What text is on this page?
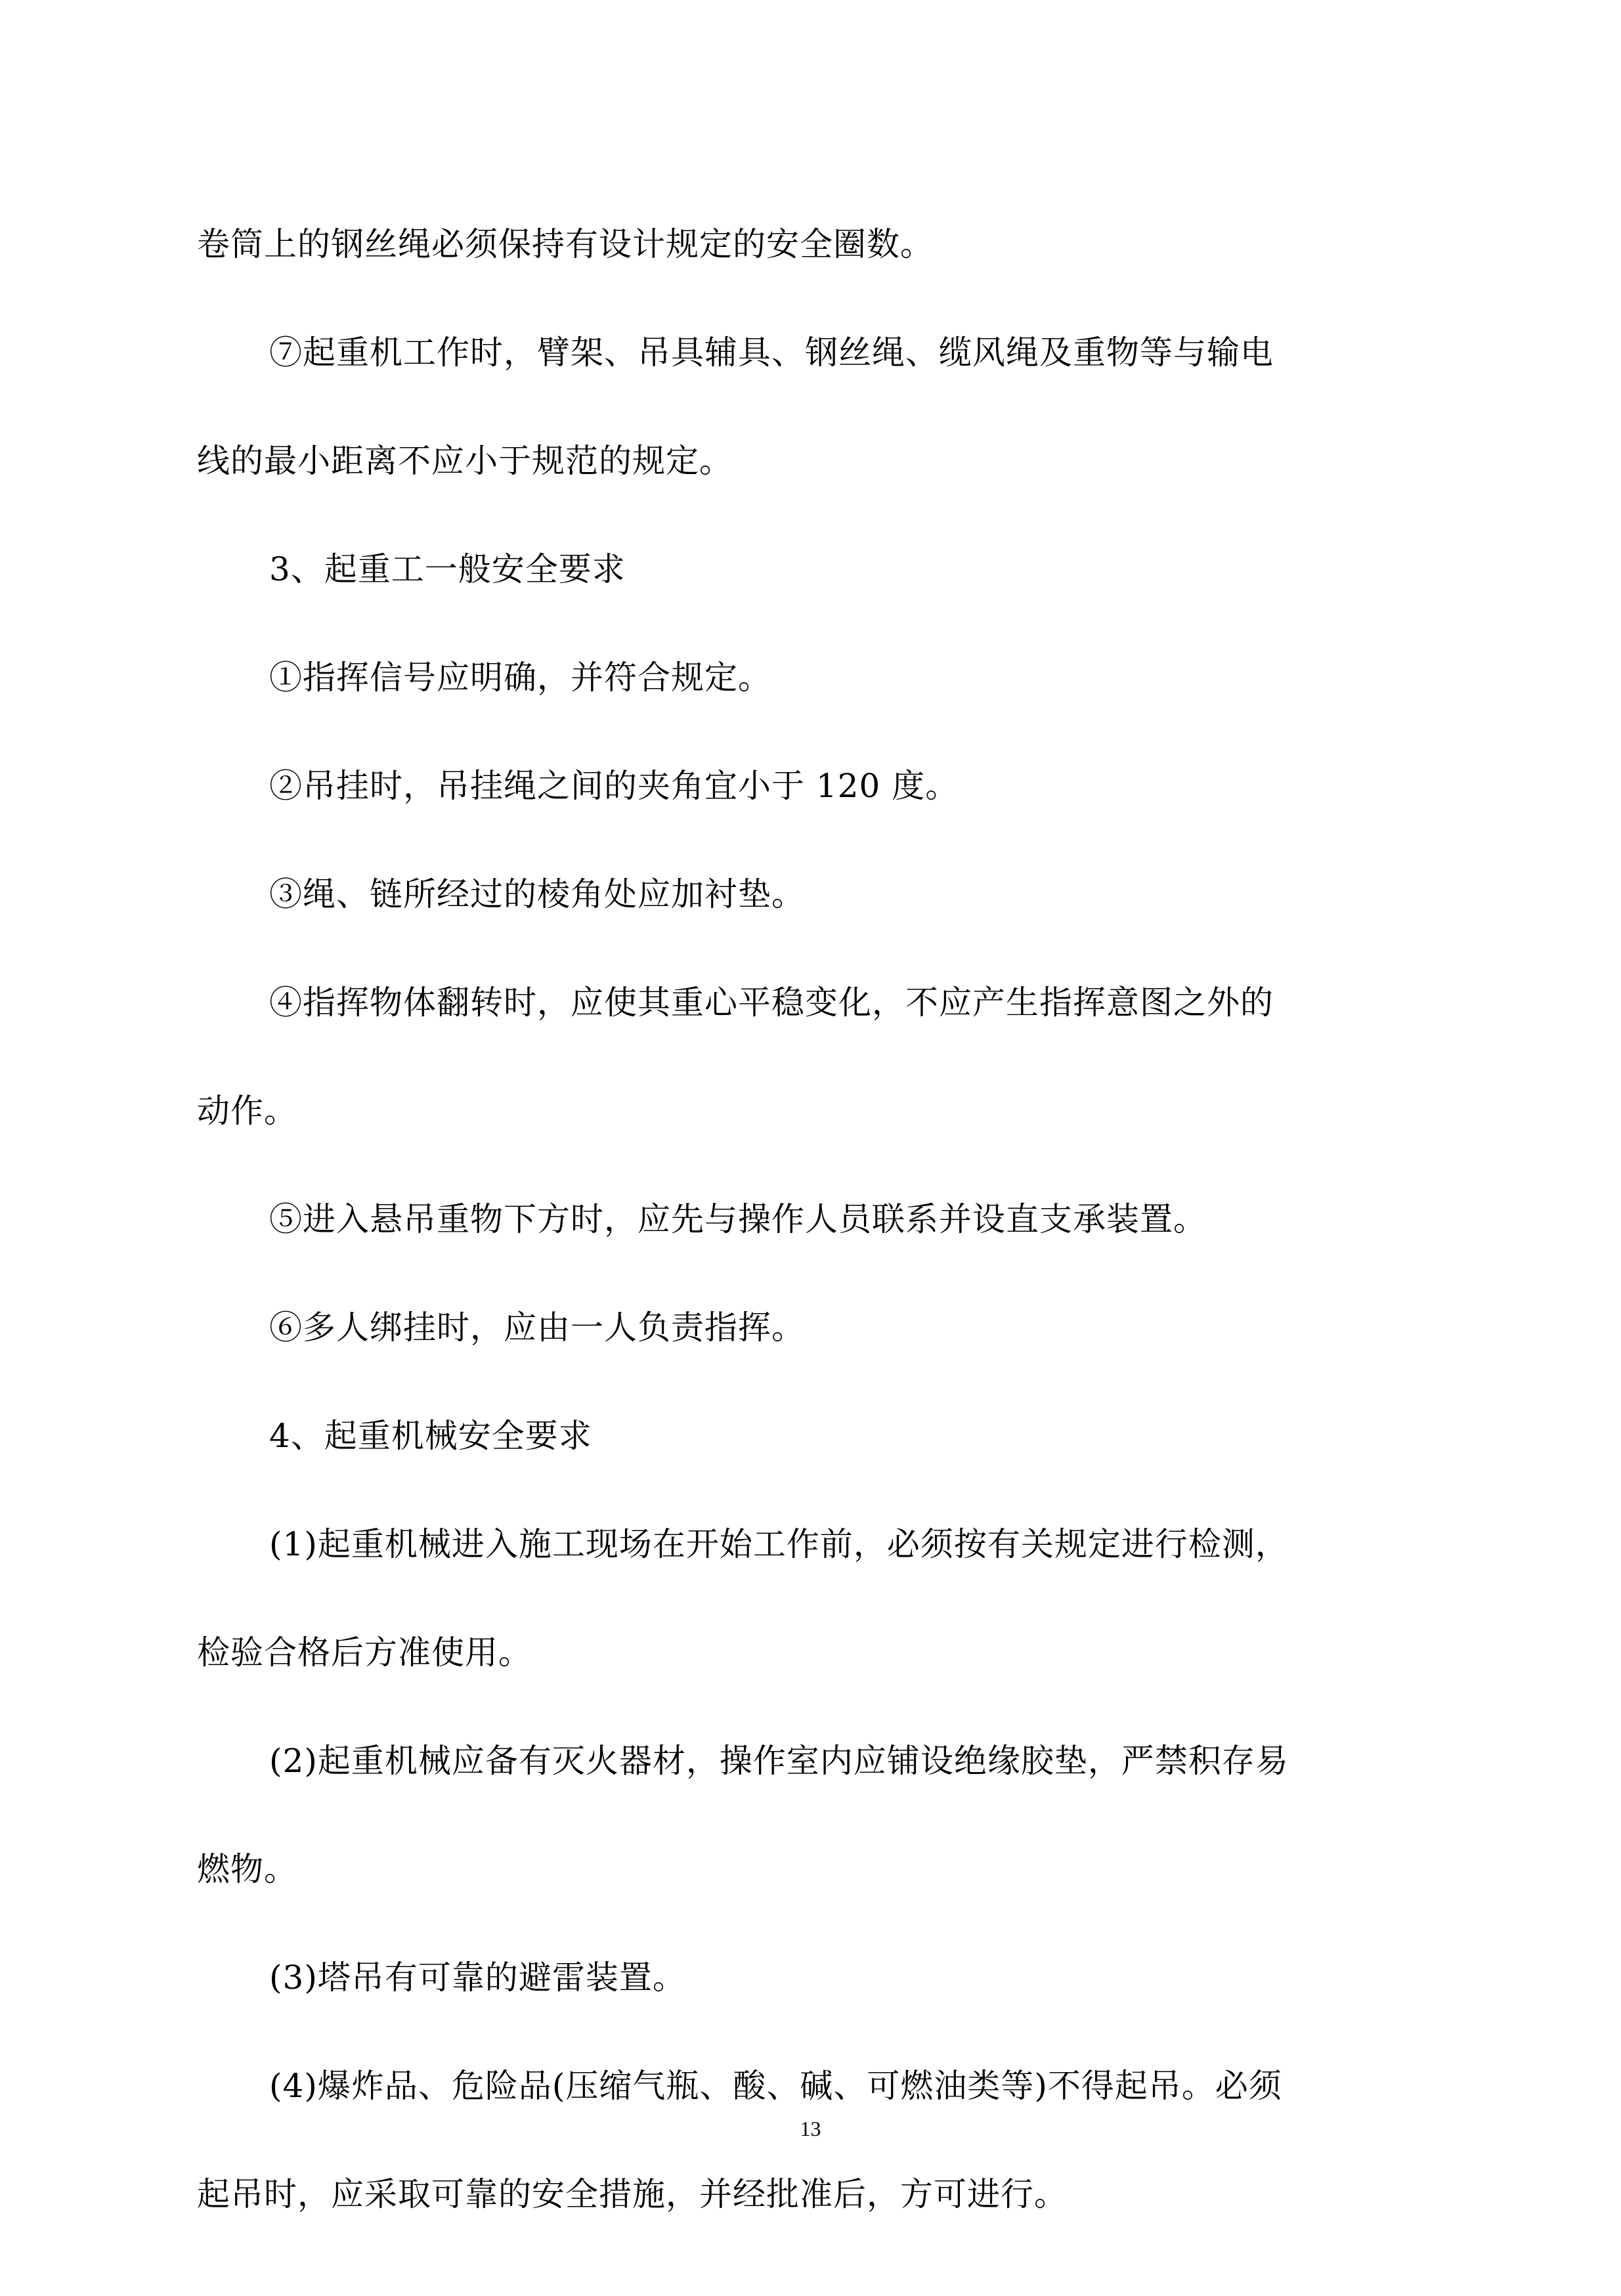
卷筒上的钢丝绳必须保持有设计规定的安全圈数。

⑦起重机工作时，臂架、吊具辅具、钢丝绳、缆风绳及重物等与输电
线的最小距离不应小于规范的规定。

3、起重工一般安全要求

①指挥信号应明确，并符合规定。

②吊挂时，吊挂绳之间的夹角宜小于 120 度。

③绳、链所经过的棱角处应加衬垫。

④指挥物体翻转时，应使其重心平稳变化，不应产生指挥意图之外的
动作。

⑤进入悬吊重物下方时，应先与操作人员联系并设直支承装置。

⑥多人绑挂时，应由一人负责指挥。

4、起重机械安全要求

(1)起重机械进入施工现场在开始工作前，必须按有关规定进行检测，
检验合格后方准使用。

(2)起重机械应备有灭火器材，操作室内应铺设绝缘胶垫，严禁积存易
燃物。

(3)塔吊有可靠的避雷装置。

(4)爆炸品、危险品(压缩气瓶、酸、碱、可燃油类等)不得起吊。必须
起吊时，应采取可靠的安全措施，并经批准后，方可进行。

13
